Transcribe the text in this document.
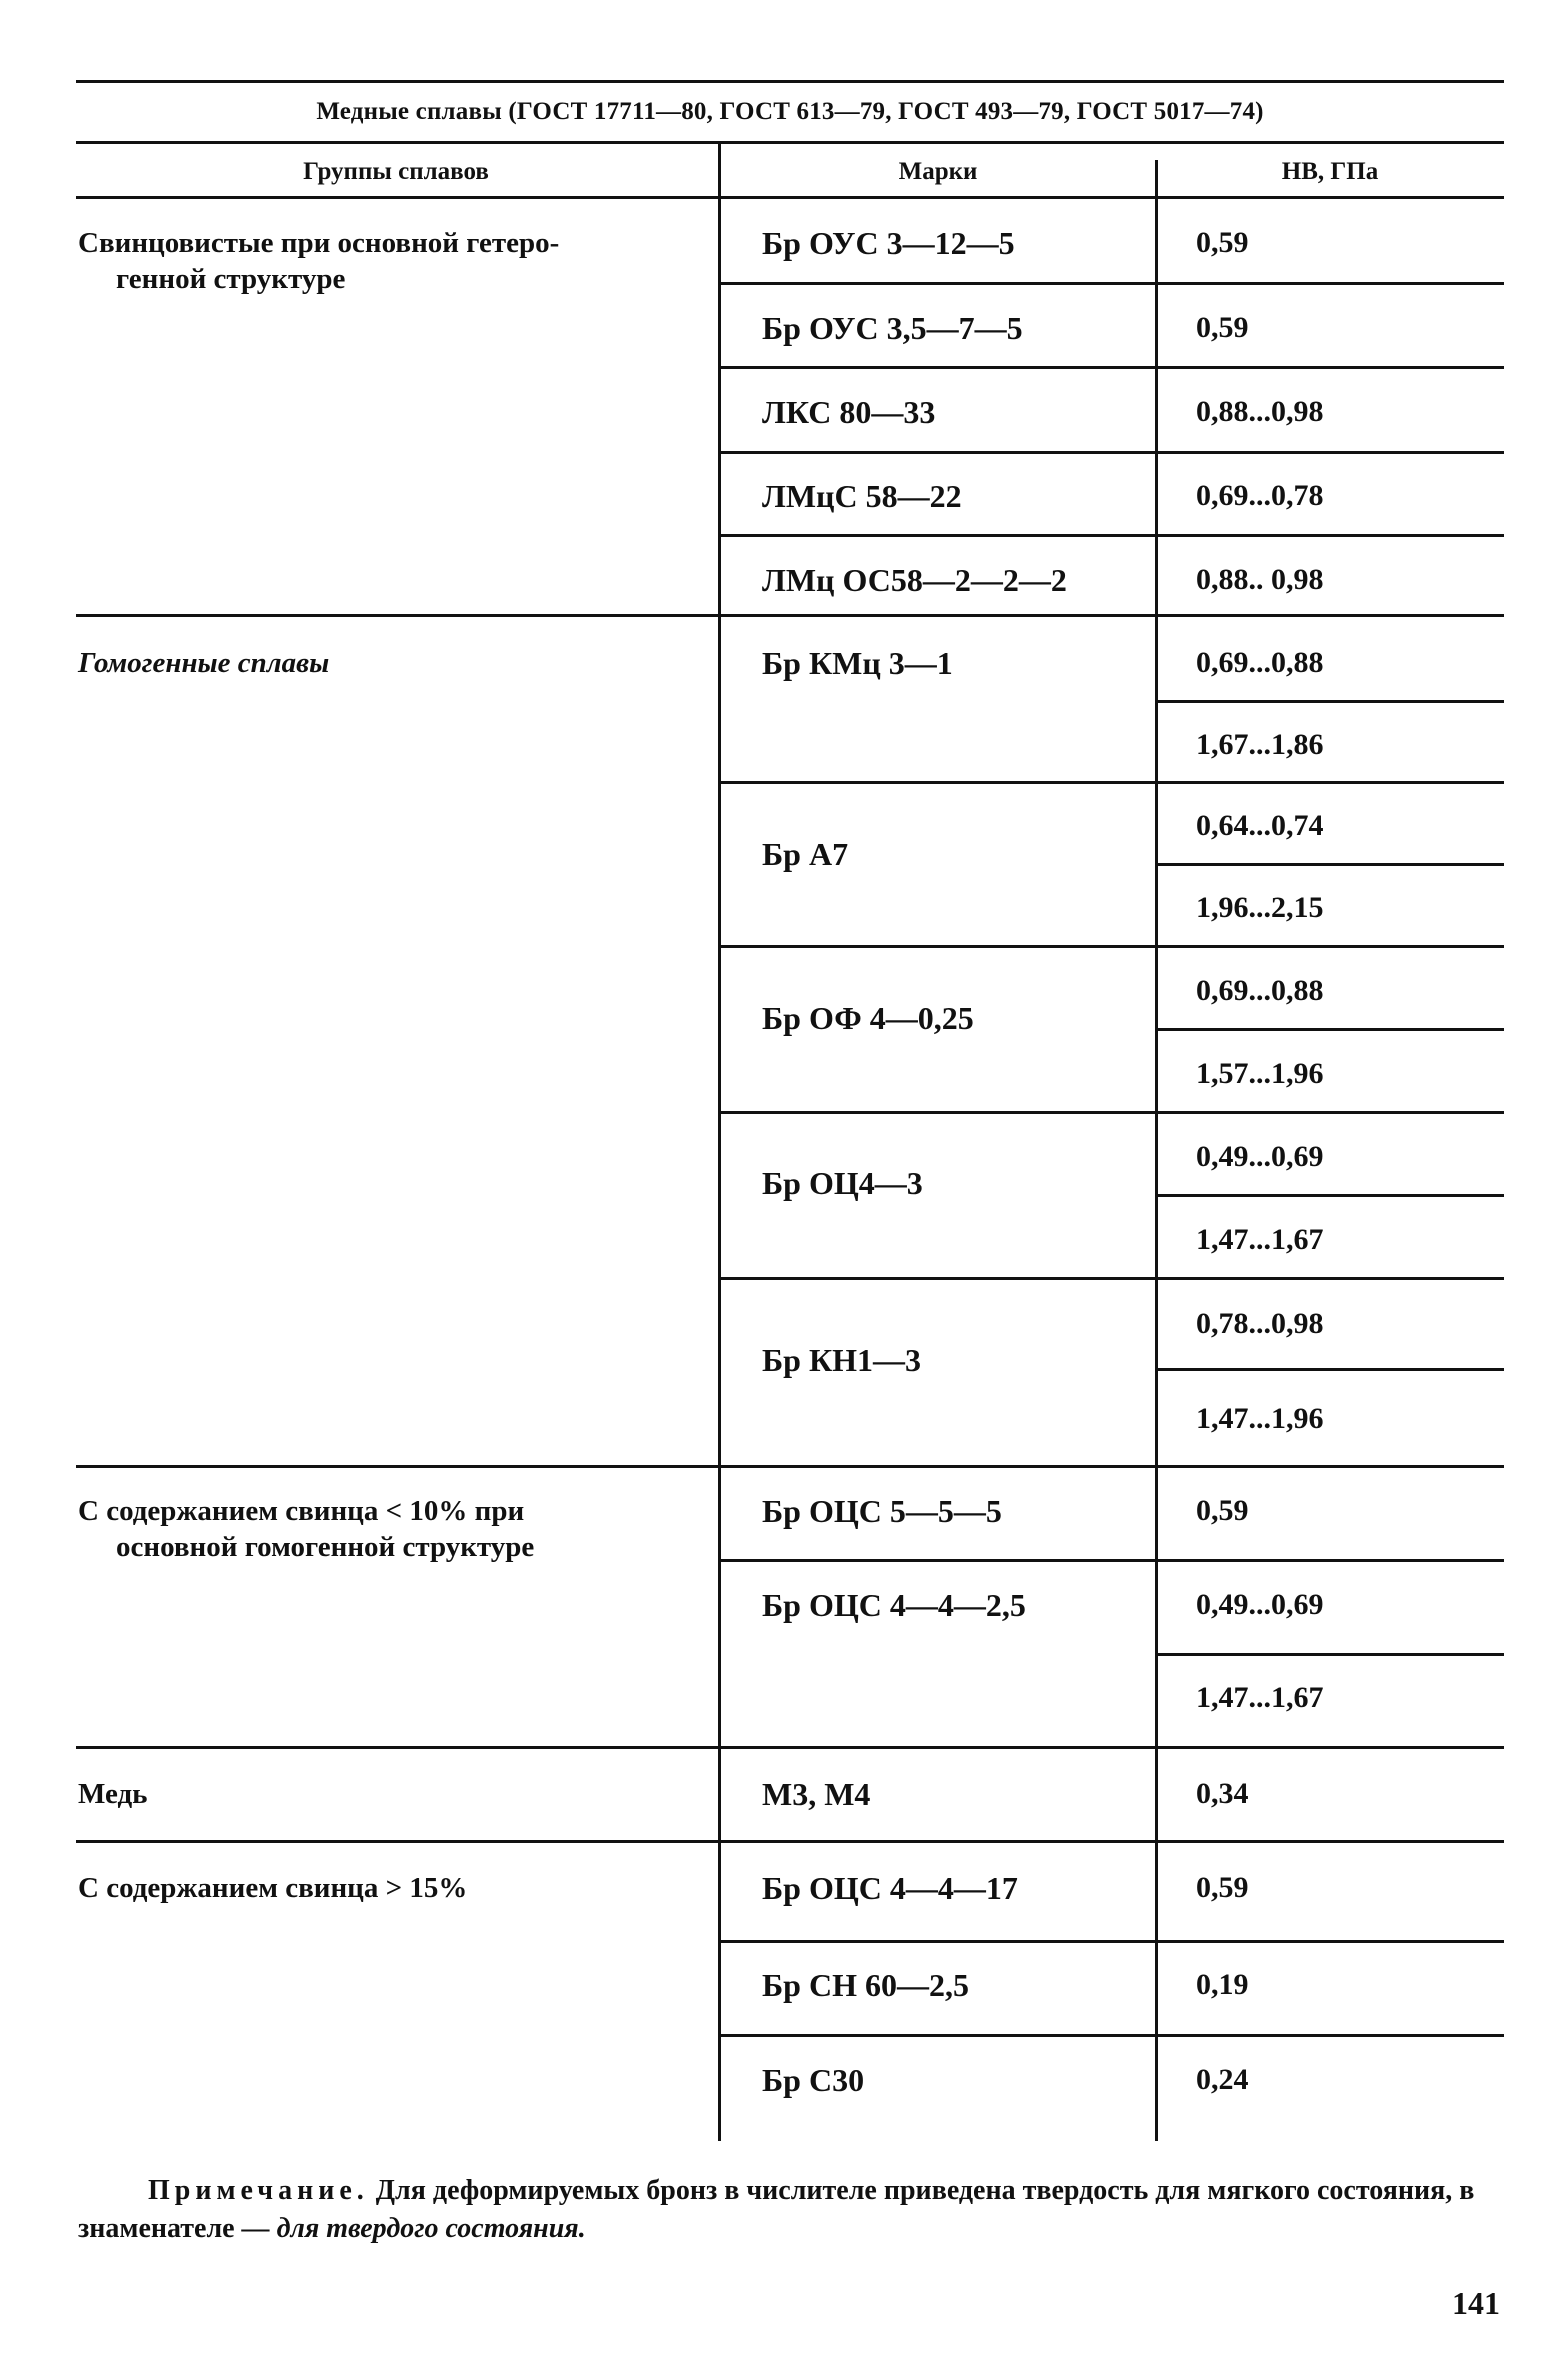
Медные сплавы (ГОСТ 17711—80, ГОСТ 613—79, ГОСТ 493—79, ГОСТ 5017—74)
Группы сплавов	Марки	НВ, ГПа
Свинцовистые при основной гетеро-
генной структуре
Гомогенные сплавы
С содержанием свинца < 10% при
основной гомогенной структуре
Медь
С содержанием свинца > 15%
Бр ОУС 3—12—5
Бр ОУС 3,5—7—5
ЛКС 80—33
ЛМцС 58—22
ЛМц ОС58—2—2—2
Бр КМц 3—1
Бр А7
Бр ОФ 4—0,25
Бр ОЦ4—3
Бр КН1—3
Бр ОЦС 5—5—5
Бр ОЦС 4—4—2,5
М3, М4
Бр ОЦС 4—4—17
Бр СН 60—2,5
Бр С30
0,59
0,59
0,88...0,98
0,69...0,78
0,88.. 0,98
0,69...0,88
1,67...1,86
0,64...0,74
1,96...2,15
0,69...0,88
1,57...1,96
0,49...0,69
1,47...1,67
0,78...0,98
1,47...1,96
0,59
0,49...0,69
1,47...1,67
0,34
0,59
0,19
0,24
Примечание. Для деформируемых бронз в числителе приведена твердость для мягкого состояния, в знаменателе — для твердого состояния.
141
